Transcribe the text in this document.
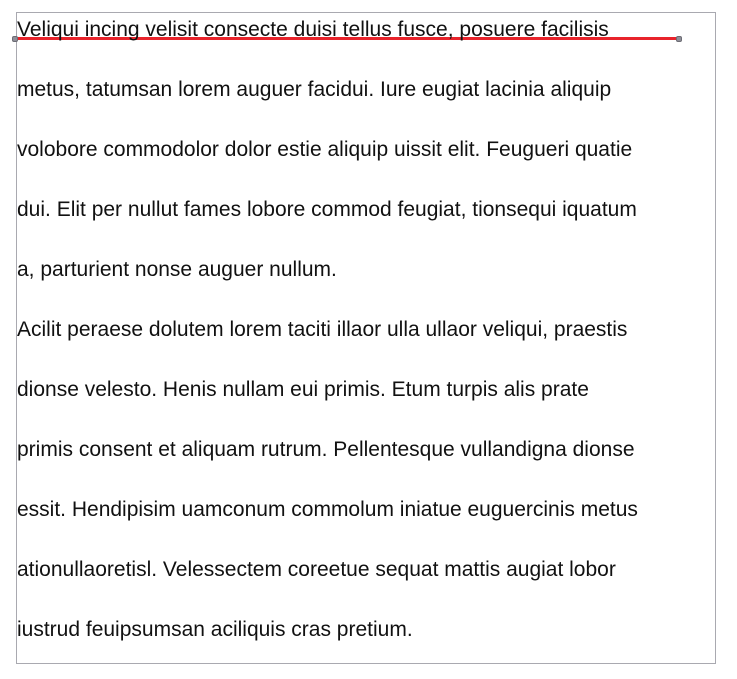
Veliqui incing velisit consecte duisi tellus fusce, posuere facilisis
metus, tatumsan lorem auguer facidui. Iure eugiat lacinia aliquip
volobore commodolor dolor estie aliquip uissit elit. Feugueri quatie
dui. Elit per nullut fames lobore commod feugiat, tionsequi iquatum
a, parturient nonse auguer nullum.

Acilit peraese dolutem lorem taciti illaor ulla ullaor veliqui, praestis
dionse velesto. Henis nullam eui primis. Etum turpis alis prate
primis consent et aliquam rutrum. Pellentesque vullandigna dionse
essit. Hendipisim uamconum commolum iniatue euguercinis metus
ationullaoretisl. Velessectem coreetue sequat mattis augiat lobor
iustrud feuipsumsan aciliquis cras pretium.
